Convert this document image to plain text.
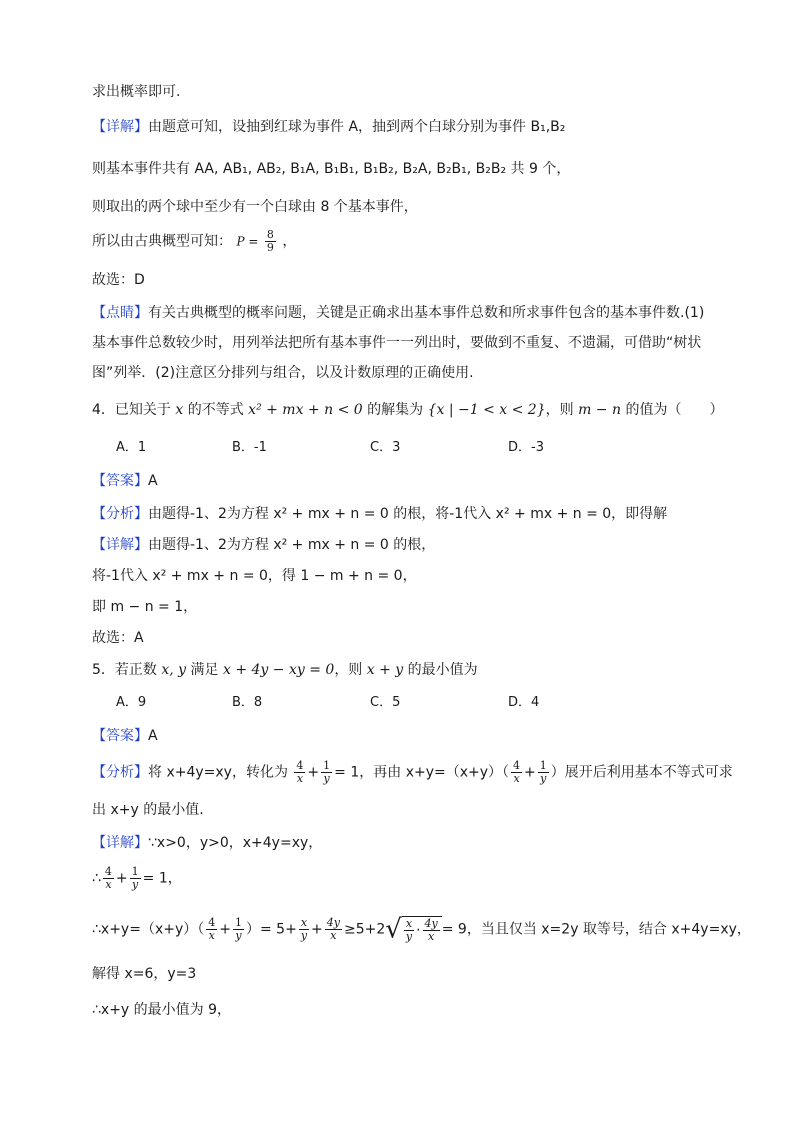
求出概率即可.
【详解】由题意可知，设抽到红球为事件 A，抽到两个白球分别为事件 B₁,B₂
则基本事件共有 AA, AB₁, AB₂, B₁A, B₁B₁, B₁B₂, B₂A, B₂B₁, B₂B₂ 共 9 个，
则取出的两个球中至少有一个白球由 8 个基本事件，
所以由古典概型可知： $P = \frac{8}{9}$ ，
故选：D
【点睛】有关古典概型的概率问题，关键是正确求出基本事件总数和所求事件包含的基本事件数.(1)
基本事件总数较少时，用列举法把所有基本事件一一列出时，要做到不重复、不遗漏，可借助“树状
图”列举．(2)注意区分排列与组合，以及计数原理的正确使用.
4．已知关于 x 的不等式 x² + mx + n < 0 的解集为 {x | −1 < x < 2}，则 m − n 的值为（　　）
A．1	B．-1	C．3	D．-3
【答案】A
【分析】由题得-1、2为方程 x² + mx + n = 0 的根，将-1代入 x² + mx + n = 0，即得解
【详解】由题得-1、2为方程 x² + mx + n = 0 的根，
将-1代入 x² + mx + n = 0，得 1 − m + n = 0，
即 m − n = 1，
故选：A
5．若正数 x, y 满足 x + 4y − xy = 0，则 x + y 的最小值为
A．9	B．8	C．5	D．4
【答案】A
【分析】将 x+4y=xy，转化为 $\frac{4}{x} + \frac{1}{y} = 1$，再由 $x+y=(x+y)( \frac{4}{x} + \frac{1}{y}$ ）展开后利用基本不等式可求
出 x+y 的最小值.
【详解】∵x>0，y>0，x+4y=xy，
∴ $\frac{4}{x} + \frac{1}{y} = 1$，
∴x+y=（x+y）（ $\frac{4}{x} + \frac{1}{y}$ ）= $5+ \frac{x}{y} + \frac{4y}{x} \ge 5+2√ \frac{x}{y} \cdot \frac{4y}{x} = 9$，当且仅当 x=2y 取等号，结合 x+4y=xy，
解得 x=6，y=3
∴x+y 的最小值为 9，
